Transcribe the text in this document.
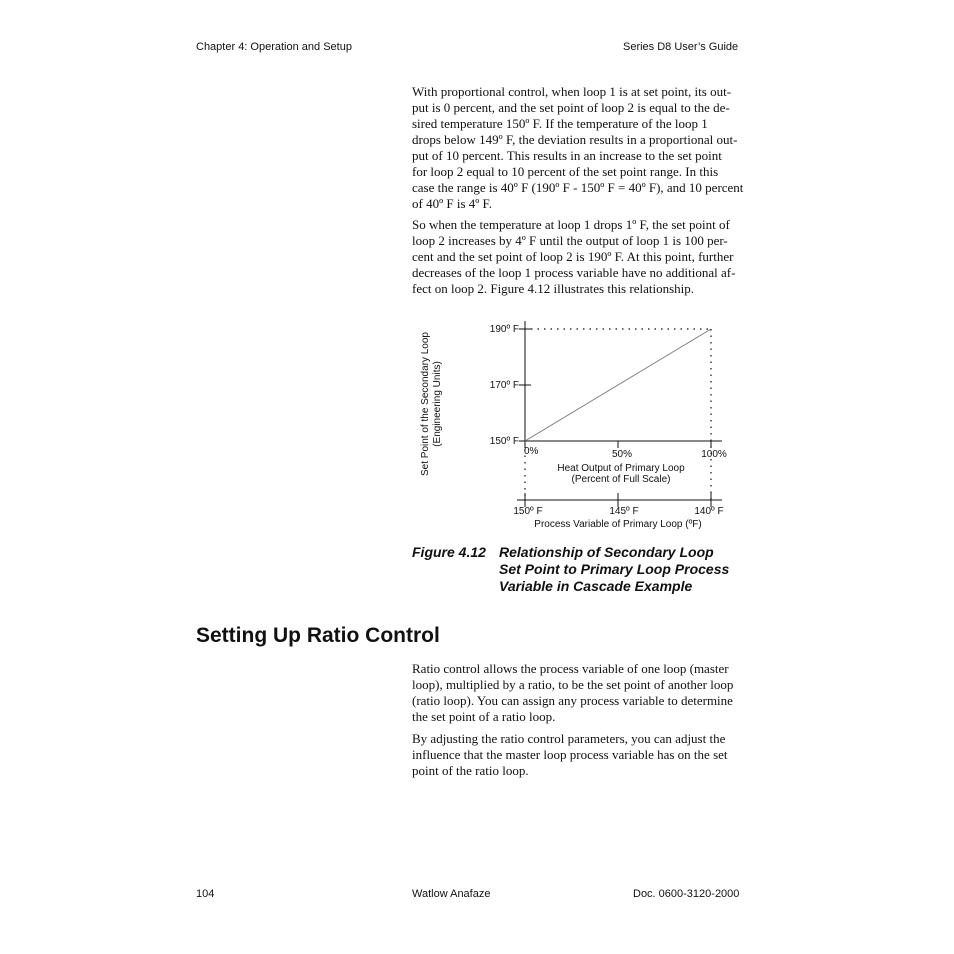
Chapter 4: Operation and Setup	Series D8 User’s Guide

With proportional control, when loop 1 is at set point, its out-
put is 0 percent, and the set point of loop 2 is equal to the de-
sired temperature 150º F. If the temperature of the loop 1
drops below 149º F, the deviation results in a proportional out-
put of 10 percent. This results in an increase to the set point
for loop 2 equal to 10 percent of the set point range. In this
case the range is 40º F (190º F - 150º F = 40º F), and 10 percent
of 40º F is 4º F.

So when the temperature at loop 1 drops 1º F, the set point of
loop 2 increases by 4º F until the output of loop 1 is 100 per-
cent and the set point of loop 2 is 190º F. At this point, further
decreases of the loop 1 process variable have no additional af-
fect on loop 2. Figure 4.12 illustrates this relationship.

190º F
170º F
150º F
0%	50%	100%
150º F	145º F	140º F
Set Point of the Secondary Loop (Engineering Units)
Heat Output of Primary Loop
(Percent of Full Scale)
Process Variable of Primary Loop (ºF)
Figure 4.12 Relationship of Secondary Loop
Set Point to Primary Loop Process
Variable in Cascade Example
Setting Up Ratio Control

Ratio control allows the process variable of one loop (master
loop), multiplied by a ratio, to be the set point of another loop
(ratio loop). You can assign any process variable to determine
the set point of a ratio loop.

By adjusting the ratio control parameters, you can adjust the
influence that the master loop process variable has on the set
point of the ratio loop.

104	Watlow Anafaze	Doc. 0600-3120-2000
